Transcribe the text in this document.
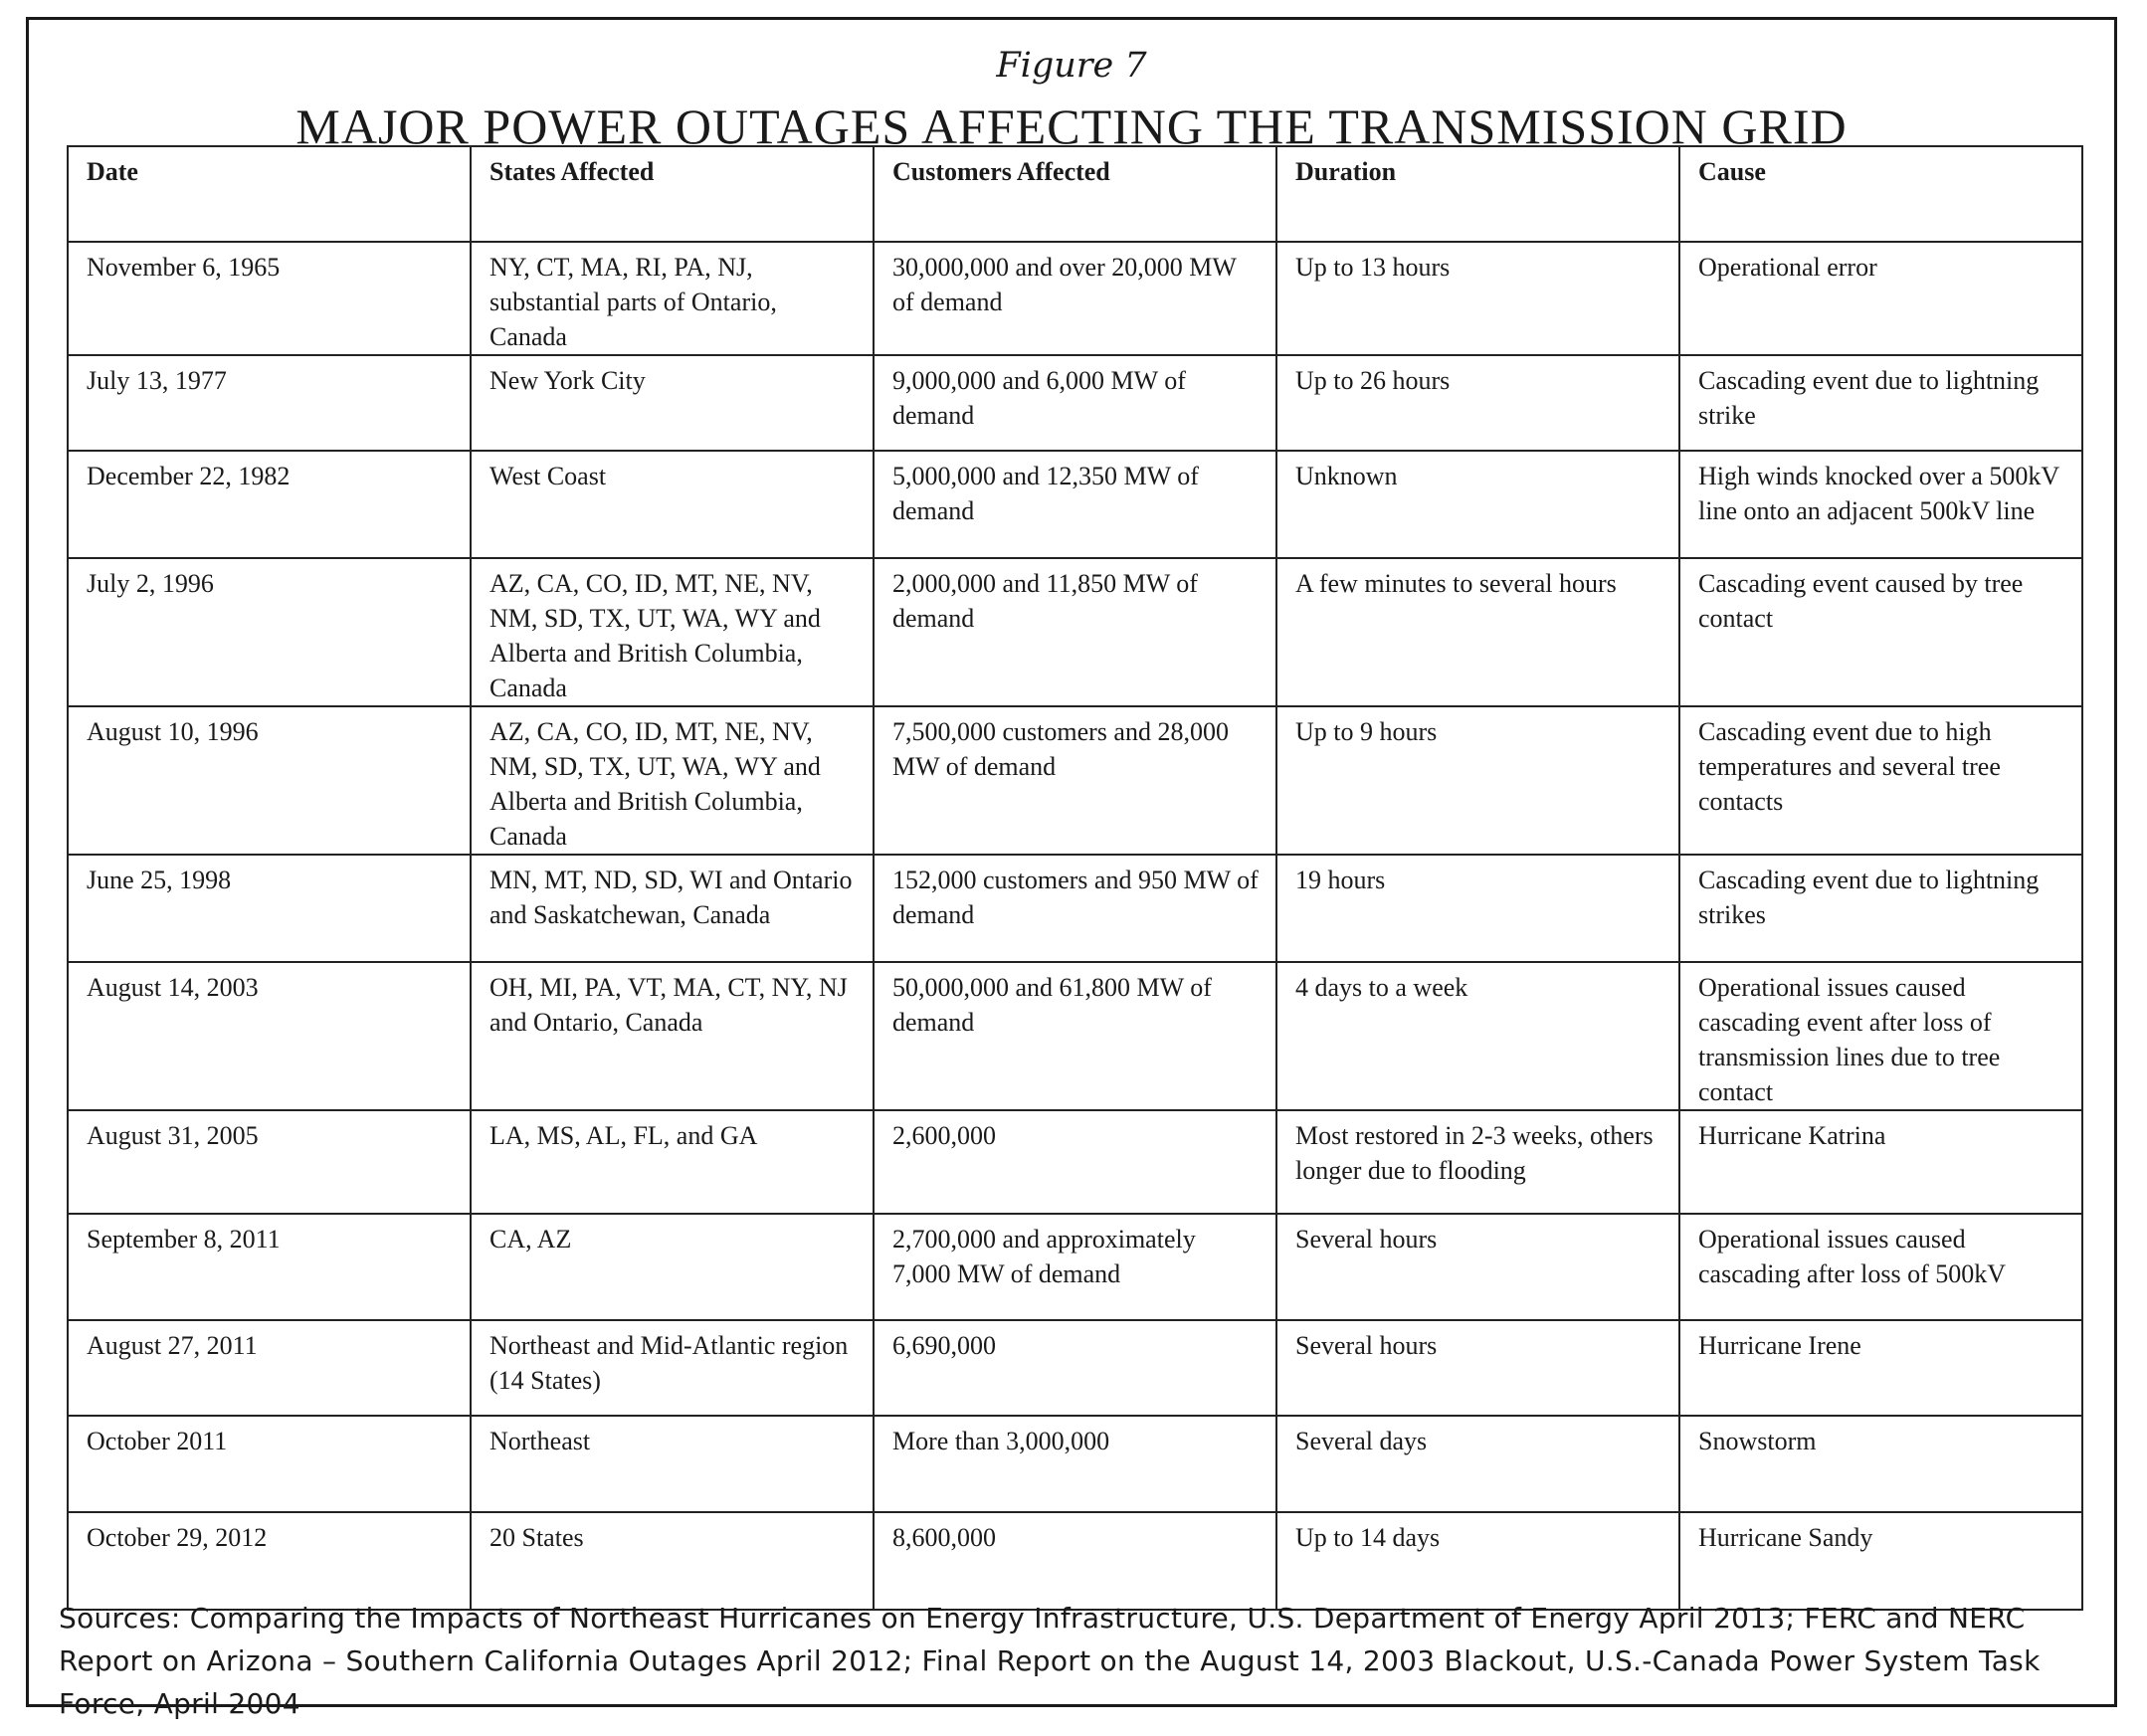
Figure 7
MAJOR POWER OUTAGES AFFECTING THE TRANSMISSION GRID
Date	States Affected	Customers Affected	Duration	Cause
November 6, 1965	NY, CT, MA, RI, PA, NJ, substantial parts of Ontario, Canada	30,000,000 and over 20,000 MW of demand	Up to 13 hours	Operational error
July 13, 1977	New York City	9,000,000 and 6,000 MW of demand	Up to 26 hours	Cascading event due to lightning strike
December 22, 1982	West Coast	5,000,000 and 12,350 MW of demand	Unknown	High winds knocked over a 500kV line onto an adjacent 500kV line
July 2, 1996	AZ, CA, CO, ID, MT, NE, NV, NM, SD, TX, UT, WA, WY and Alberta and British Columbia, Canada	2,000,000 and 11,850 MW of demand	A few minutes to several hours	Cascading event caused by tree contact
August 10, 1996	AZ, CA, CO, ID, MT, NE, NV, NM, SD, TX, UT, WA, WY and Alberta and British Columbia, Canada	7,500,000 customers and 28,000 MW of demand	Up to 9 hours	Cascading event due to high temperatures and several tree contacts
June 25, 1998	MN, MT, ND, SD, WI and Ontario and Saskatchewan, Canada	152,000 customers and 950 MW of demand	19 hours	Cascading event due to lightning strikes
August 14, 2003	OH, MI, PA, VT, MA, CT, NY, NJ and Ontario, Canada	50,000,000 and 61,800 MW of demand	4 days to a week	Operational issues caused cascading event after loss of transmission lines due to tree contact
August 31, 2005	LA, MS, AL, FL, and GA	2,600,000	Most restored in 2-3 weeks, others longer due to flooding	Hurricane Katrina
September 8, 2011	CA, AZ	2,700,000 and approximately 7,000 MW of demand	Several hours	Operational issues caused cascading after loss of 500kV
August 27, 2011	Northeast and Mid-Atlantic region (14 States)	6,690,000	Several hours	Hurricane Irene
October 2011	Northeast	More than 3,000,000	Several days	Snowstorm
October 29, 2012	20 States	8,600,000	Up to 14 days	Hurricane Sandy
Sources: Comparing the Impacts of Northeast Hurricanes on Energy Infrastructure, U.S. Department of Energy April 2013; FERC and NERC Report on Arizona – Southern California Outages April 2012; Final Report on the August 14, 2003 Blackout, U.S.-Canada Power System Task Force, April 2004
